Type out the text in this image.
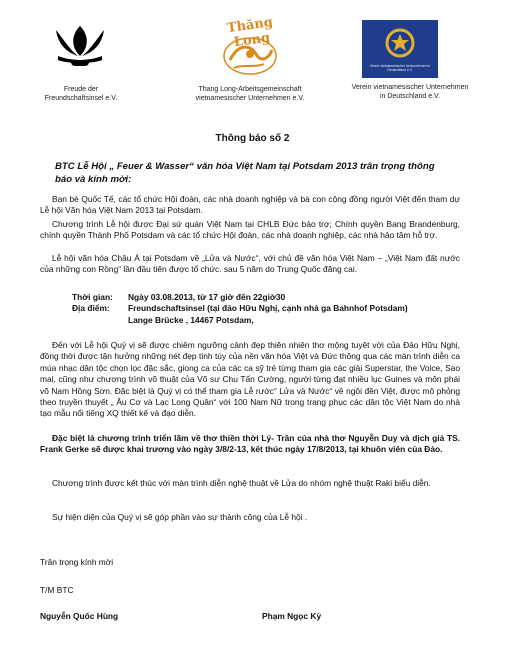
Freude der
Freundschaftsinsel e.V.
Thăng Long
Thang Long-Arbeitsgemeinschaft
vietnamesischer Unternehmen e.V.
Verein vietnamesischer Unternehmen in Deutschland e.V.
Verein vietnamesischer Unternehmen
in Deutschland e.V.
Thông báo số 2
BTC Lễ Hội „ Feuer & Wasser“ văn hóa Việt Nam tại Potsdam 2013 trân trọng thông
báo và kính mời:

Bạn bè Quốc Tế, các tổ chức Hội đoàn, các nhà doanh nghiệp và bà con cộng đồng người Việt đến tham dự Lễ hội Văn hóa Việt Nam 2013 tại Potsdam.

Chương trình Lễ hội được Đại sứ quán Việt Nam tại CHLB Đức bảo trợ; Chính quyền Bang Brandenburg, chính quyền Thành Phố Potsdam và các tổ chức Hội đoàn, các nhà doanh nghiệp, các nhà hảo tâm hỗ trợ.

Lễ hội văn hóa Châu Á tại Potsdam về „Lửa và Nước“, với chủ đề văn hóa Việt Nam – „Việt Nam đất nước của những con Rồng“ lần đầu tiên được tổ chức. sau 5 năm do Trung Quốc đăng cai.

Thời gian: Ngày 03.08.2013, từ 17 giờ đến 22giờ30
Địa điểm: Freundschaftsinsel (tại đảo Hữu Nghị, cạnh nhà ga Bahnhof Potsdam)
Lange Brücke , 14467 Potsdam,

Đến với Lễ hội Quý vị sẽ được chiêm ngưỡng cảnh đẹp thiên nhiên thơ mộng tuyệt vời của Đảo Hữu Nghị, đồng thời được tận hưởng những nét đẹp tinh túy của nền văn hóa Việt và Đức thông qua các màn trình diễn ca múa nhạc dân tộc chọn lọc đặc sắc, giong ca của các ca sỹ trẻ từng tham gia các giải Superstar, the Voice, Sao mai, cũng như chương trình võ thuật của Võ sư Chu Tấn Cường, người từng đạt nhiều lục Guines và môn phái võ Nam Hồng Sơn. Đặc biệt là Quý vị có thể tham gia Lễ rước“ Lửa và Nước“ về ngôi đền Việt, được mô phỏng theo truyền thuyết „ Âu Cơ và Lạc Long Quân“ với 100 Nam Nữ trong trang phục các dân tộc Việt Nam do nhà tạo mẫu nổi tiếng XQ thiết kế và đạo diễn.

Đặc biệt là chương trình triển lãm về thơ thiền thời Lý- Trần của nhà thơ Nguyễn Duy và dịch giả TS. Frank Gerke sẽ được khai trương vào ngày 3/8/2-13, kết thúc ngày 17/8/2013, tại khuôn viên của Đảo.

Chương trình được kết thúc với màn trình diễn nghệ thuật về Lửa do nhóm nghệ thuật Raki biểu diễn.

Sự hiện diện của Quý vị sẽ góp phần vào sự thành công của Lễ hội .

Trân trọng kính mời
T/M BTC
Nguyễn Quốc Hùng	Phạm Ngọc Kỳ
